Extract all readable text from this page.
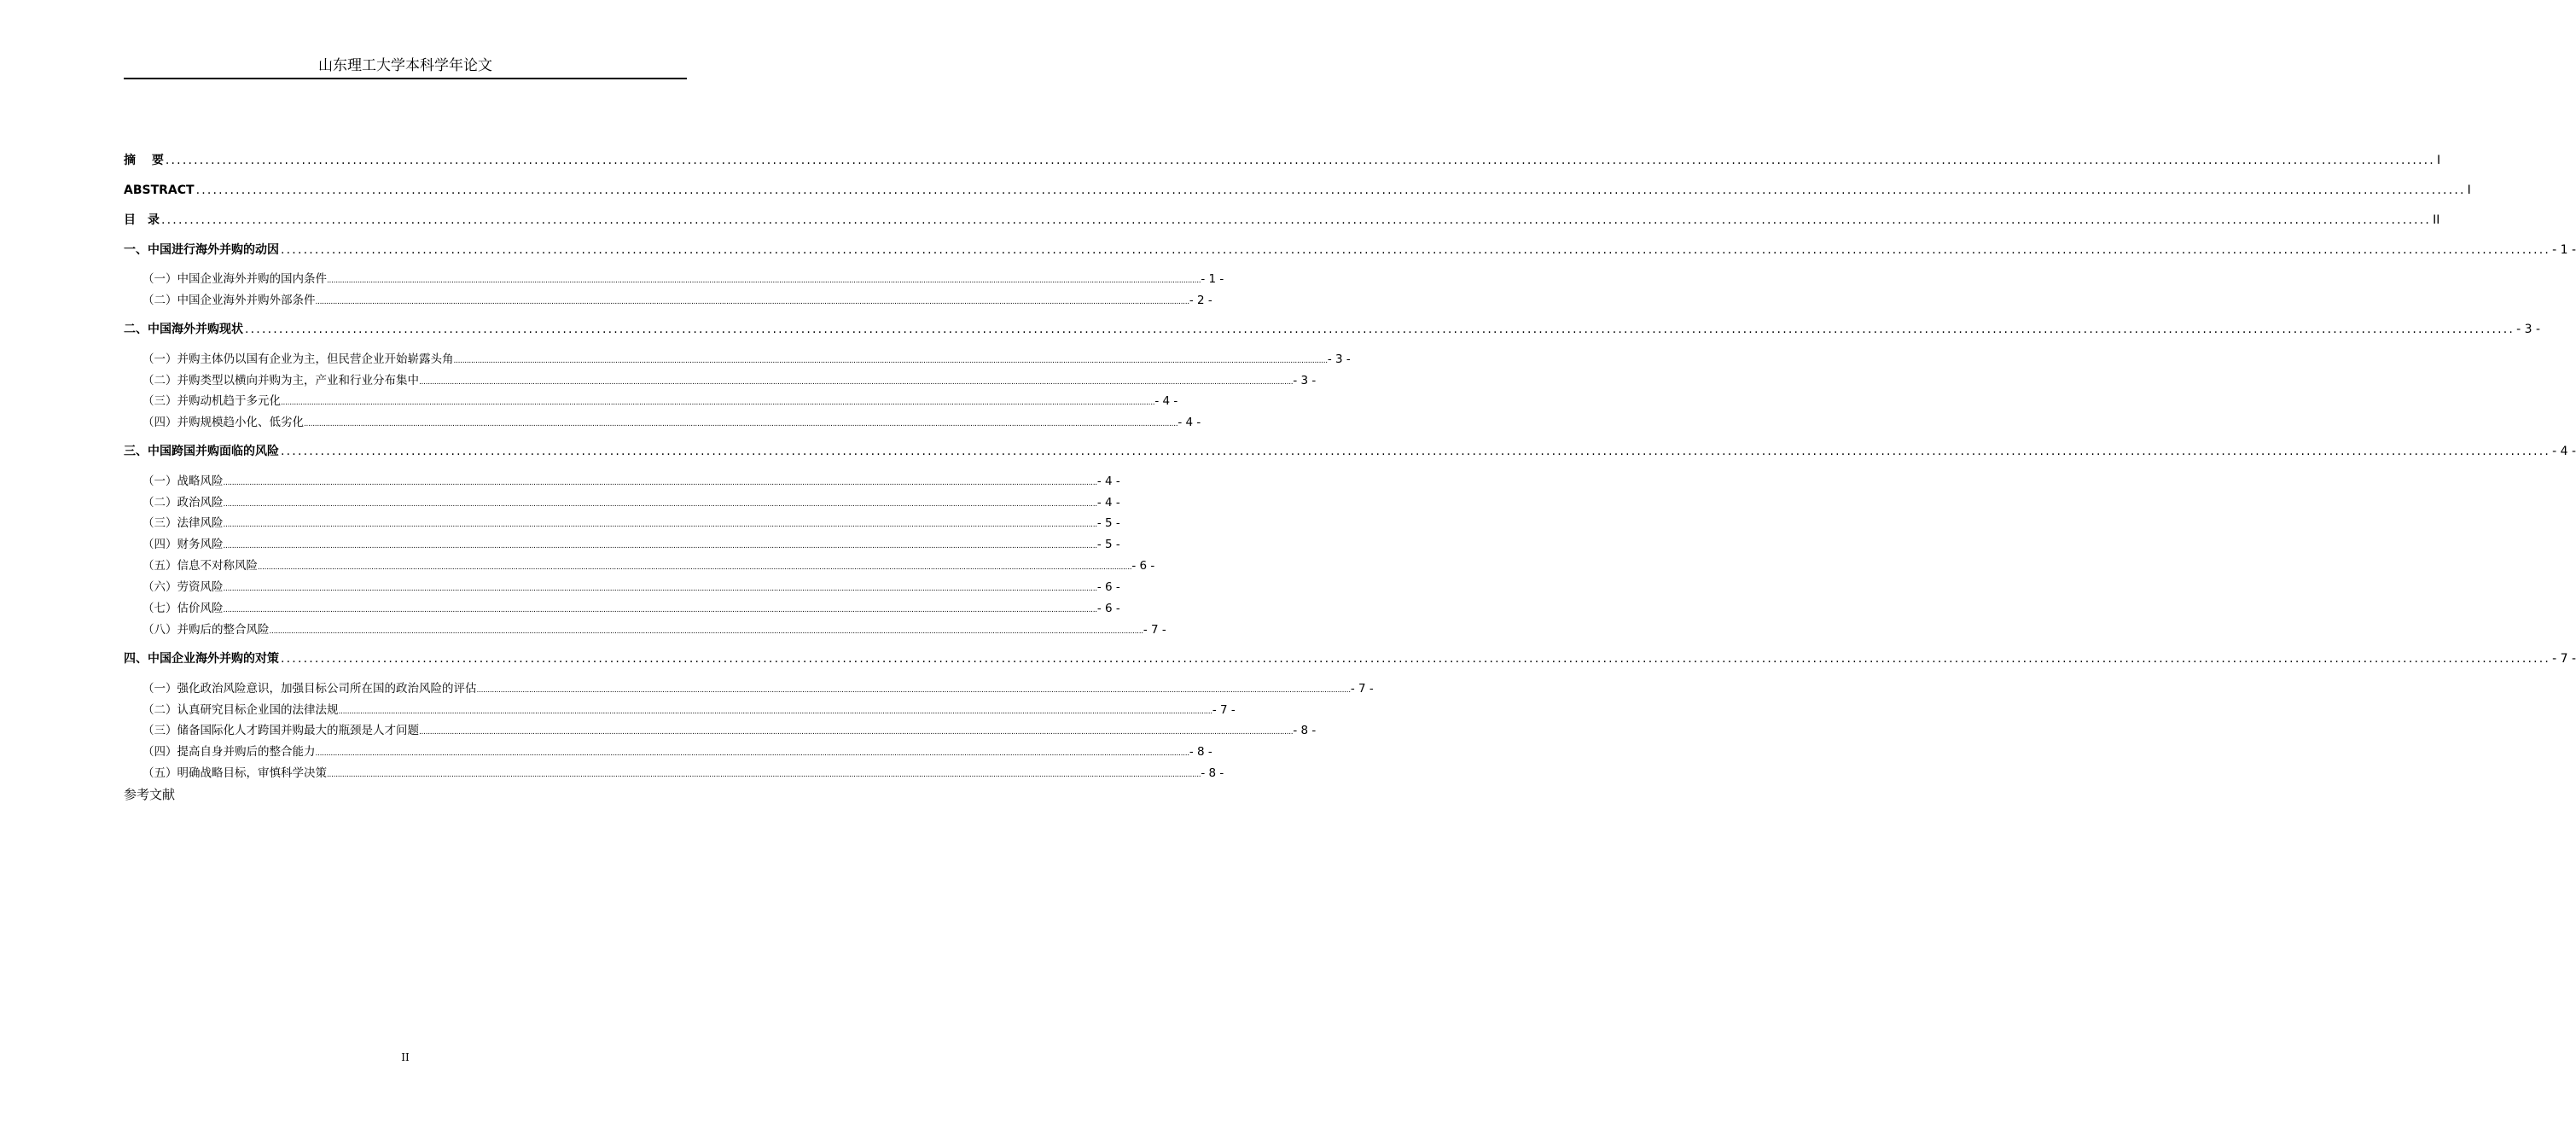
山东理工大学本科学年论文
摘　 要 ................................................................................................................................................................................................................................................................................................................................................................................................................ I
ABSTRACT ................................................................................................................................................................................................................................................................................................................................................................................................................ I
目　录 ................................................................................................................................................................................................................................................................................................................................................................................................................ II
一、中国进行海外并购的动因 ................................................................................................................................................................................................................................................................................................................................................................................................................ - 1 -
（一）中国企业海外并购的国内条件 ................................................................................................................................................................................................................................................................................................................................................................................................................ - 1 -
（二）中国企业海外并购外部条件 ................................................................................................................................................................................................................................................................................................................................................................................................................ - 2 -
二、中国海外并购现状 ................................................................................................................................................................................................................................................................................................................................................................................................................ - 3 -
（一）并购主体仍以国有企业为主，但民营企业开始崭露头角 ................................................................................................................................................................................................................................................................................................................................................................................................................ - 3 -
（二）并购类型以横向并购为主，产业和行业分布集中 ................................................................................................................................................................................................................................................................................................................................................................................................................ - 3 -
（三）并购动机趋于多元化 ................................................................................................................................................................................................................................................................................................................................................................................................................ - 4 -
（四）并购规模趋小化、低劣化 ................................................................................................................................................................................................................................................................................................................................................................................................................ - 4 -
三、中国跨国并购面临的风险 ................................................................................................................................................................................................................................................................................................................................................................................................................ - 4 -
（一）战略风险 ................................................................................................................................................................................................................................................................................................................................................................................................................ - 4 -
（二）政治风险 ................................................................................................................................................................................................................................................................................................................................................................................................................ - 4 -
（三）法律风险 ................................................................................................................................................................................................................................................................................................................................................................................................................ - 5 -
（四）财务风险 ................................................................................................................................................................................................................................................................................................................................................................................................................ - 5 -
（五）信息不对称风险 ................................................................................................................................................................................................................................................................................................................................................................................................................ - 6 -
（六）劳资风险 ................................................................................................................................................................................................................................................................................................................................................................................................................ - 6 -
（七）估价风险 ................................................................................................................................................................................................................................................................................................................................................................................................................ - 6 -
（八）并购后的整合风险 ................................................................................................................................................................................................................................................................................................................................................................................................................ - 7 -
四、中国企业海外并购的对策 ................................................................................................................................................................................................................................................................................................................................................................................................................ - 7 -
（一）强化政治风险意识，加强目标公司所在国的政治风险的评估 ................................................................................................................................................................................................................................................................................................................................................................................................................ - 7 -
（二）认真研究目标企业国的法律法规 ................................................................................................................................................................................................................................................................................................................................................................................................................ - 7 -
（三）储备国际化人才跨国并购最大的瓶颈是人才问题 ................................................................................................................................................................................................................................................................................................................................................................................................................ - 8 -
（四）提高自身并购后的整合能力 ................................................................................................................................................................................................................................................................................................................................................................................................................ - 8 -
（五）明确战略目标，审慎科学决策 ................................................................................................................................................................................................................................................................................................................................................................................................................ - 8 -
参考文献
II
